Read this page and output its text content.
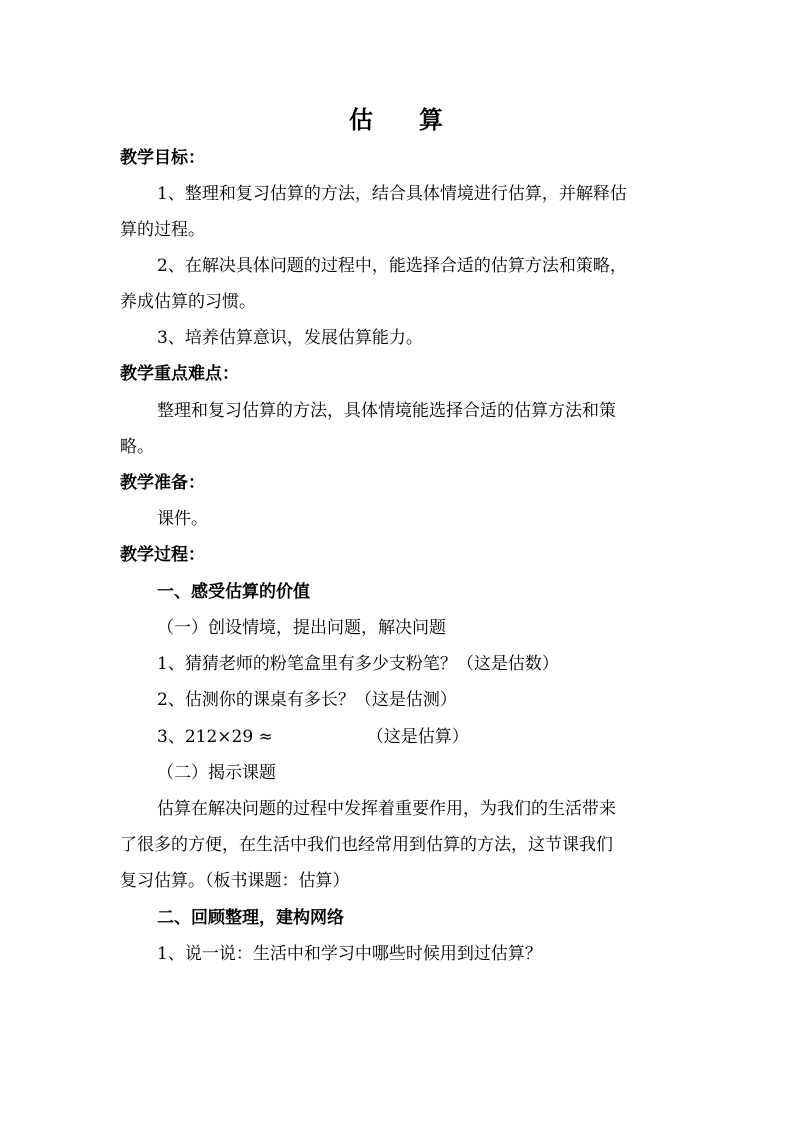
估 算
教学目标：
1、整理和复习估算的方法，结合具体情境进行估算，并解释估
算的过程。
2、在解决具体问题的过程中，能选择合适的估算方法和策略，
养成估算的习惯。
3、培养估算意识，发展估算能力。
教学重点难点：
整理和复习估算的方法，具体情境能选择合适的估算方法和策
略。
教学准备：
课件。
教学过程：
一、感受估算的价值
（一）创设情境，提出问题，解决问题
1、猜猜老师的粉笔盒里有多少支粉笔？（这是估数）
2、估测你的课桌有多长？（这是估测）
3、212×29 ≈	（这是估算）
（二）揭示课题
估算在解决问题的过程中发挥着重要作用，为我们的生活带来
了很多的方便，在生活中我们也经常用到估算的方法，这节课我们
复习估算。（板书课题：估算）
二、回顾整理，建构网络
1、说一说：生活中和学习中哪些时候用到过估算？
